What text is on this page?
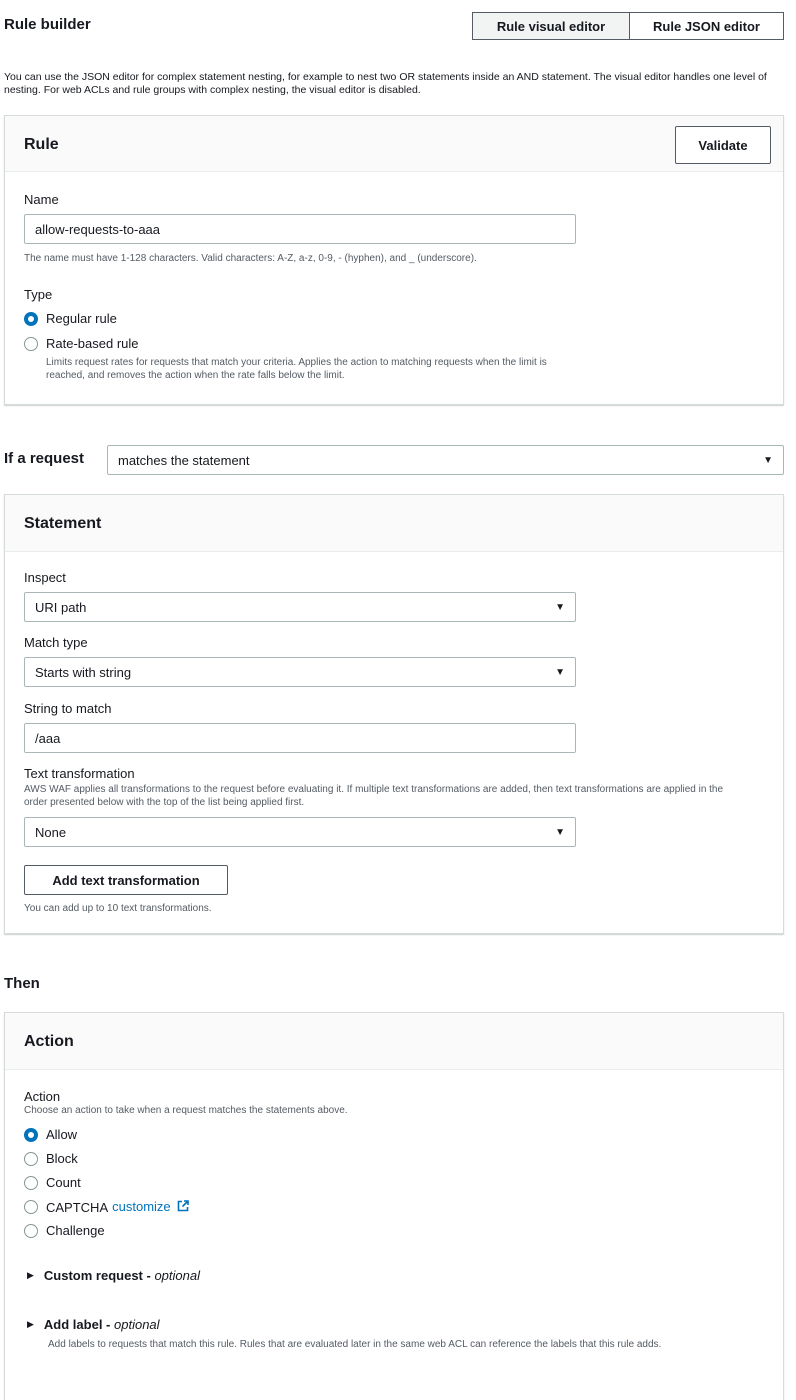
Rule builder	Rule visual editor	Rule JSON editor
You can use the JSON editor for complex statement nesting, for example to nest two OR statements inside an AND statement. The visual editor handles one level of nesting. For web ACLs and rule groups with complex nesting, the visual editor is disabled.
Rule	Validate
Name
allow-requests-to-aaa
The name must have 1-128 characters. Valid characters: A-Z, a-z, 0-9, - (hyphen), and _ (underscore).
Type
Regular rule
Rate-based rule
Limits request rates for requests that match your criteria. Applies the action to matching requests when the limit is reached, and removes the action when the rate falls below the limit.
If a request	matches the statement	▼
Statement
Inspect
URI path	▼
Match type
Starts with string	▼
String to match
/aaa
Text transformation
AWS WAF applies all transformations to the request before evaluating it. If multiple text transformations are added, then text transformations are applied in the order presented below with the top of the list being applied first.
None	▼
Add text transformation
You can add up to 10 text transformations.
Then
Action
Action
Choose an action to take when a request matches the statements above.
Allow
Block
Count
CAPTCHA customize
Challenge
▶ Custom request - optional
▶ Add label - optional
Add labels to requests that match this rule. Rules that are evaluated later in the same web ACL can reference the labels that this rule adds.
